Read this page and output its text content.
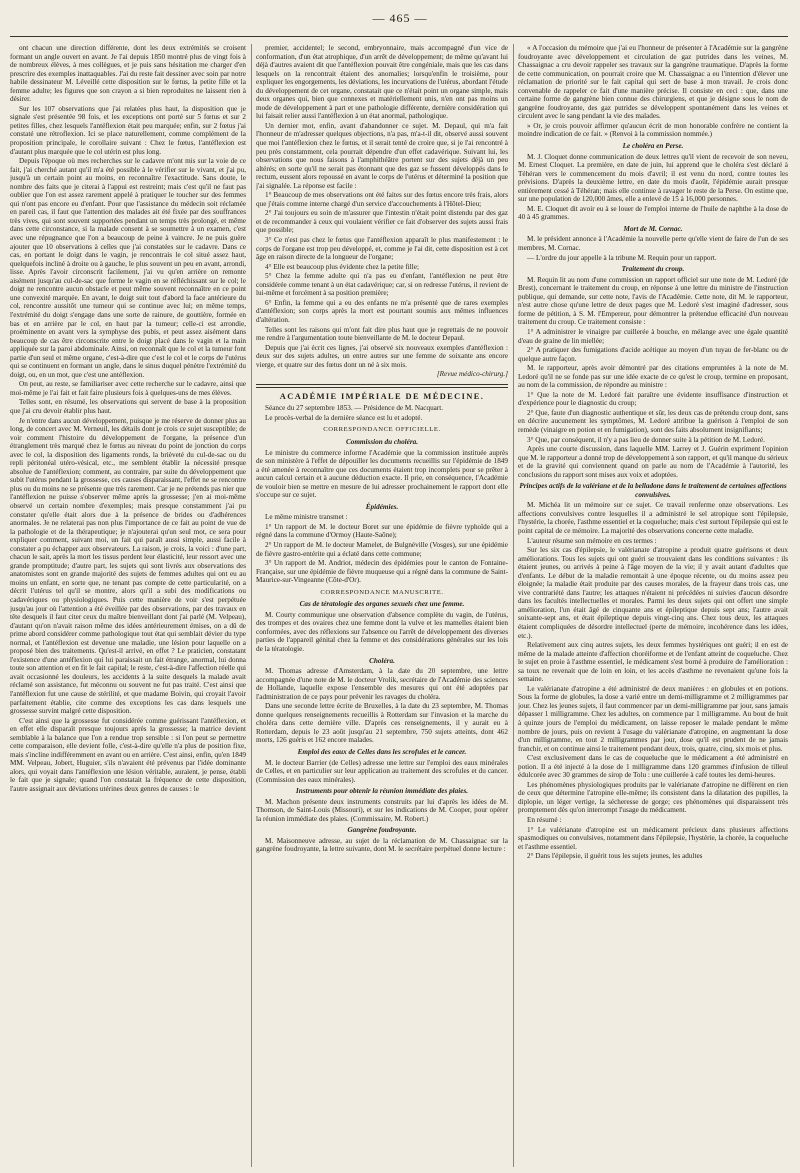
— 465 —

ont chacun une direction différente, dont les deux extrémités se croisent formant un angle ouvert en avant. Je l'ai depuis 1850 montré plus de vingt fois à de nombreux élèves, à mes collègues, et je puis sans hésitation me charger d'en prescrire des exemples inattaquables. J'ai du reste fait dessiner avec soin par notre habile dessinateur M. Léveillé cette disposition sur le fœtus, la petite fille et la femme adulte; les figures que son crayon a si bien reproduites ne laissent rien à désirer.

Sur les 107 observations que j'ai relatées plus haut, la disposition que je signale s'est présentée 98 fois, et les exceptions ont porté sur 5 fœtus et sur 2 petites filles, chez lesquels l'antéflexion était peu marquée; enfin, sur 2 fœtus j'ai constaté une rétroflexion. Ici se place naturellement, comme complément de la proposition principale, le corollaire suivant : Chez le fœtus, l'antéflexion est d'autant plus marquée que le col utérin est plus long.

Depuis l'époque où mes recherches sur le cadavre m'ont mis sur la voie de ce fait, j'ai cherché autant qu'il m'a été possible à le vérifier sur le vivant, et j'ai pu, jusqu'à un certain point au moins, en reconnaître l'exactitude. Sans doute, le nombre des faits que je citerai à l'appui est restreint; mais c'est qu'il ne faut pas oublier que l'on est assez rarement appelé à pratiquer le toucher sur des femmes qui n'ont pas encore eu d'enfant. Pour que l'assistance du médecin soit réclamée en pareil cas, il faut que l'attention des malades ait été fixée par des souffrances très vives, qui sont souvent supportées pendant un temps très prolongé, et même dans cette circonstance, si la malade consent à se soumettre à un examen, c'est avec une répugnance que l'on a beaucoup de peine à vaincre. Je ne puis guère ajouter que 10 observations à celles que j'ai constatées sur le cadavre. Dans ce cas, en portant le doigt dans le vagin, je rencontrais le col situé assez haut, quelquefois incliné à droite ou à gauche, le plus souvent un peu en avant, arrondi, lisse. Après l'avoir circonscrit facilement, j'ai vu qu'en arrière on remonte aisément jusqu'au cul-de-sac que forme le vagin en se réfléchissant sur le col; le doigt ne rencontre aucun obstacle et peut même souvent reconnaître en ce point une convexité marquée. En avant, le doigt suit tout d'abord la face antérieure du col, rencontre aussitôt une tumeur qui se continue avec lui; en même temps, l'extrémité du doigt s'engage dans une sorte de rainure, de gouttière, formée en bas et en arrière par le col, en haut par la tumeur; celle-ci est arrondie, proéminente en avant vers la symphyse des pubis, et peut assez aisément dans beaucoup de cas être circonscrite entre le doigt placé dans le vagin et la main appliquée sur la paroi abdominale. Ainsi, on reconnaît que le col et la tumeur font partie d'un seul et même organe, c'est-à-dire que c'est le col et le corps de l'utérus qui se continuent en formant un angle, dans le sinus duquel pénètre l'extrémité du doigt, ou, en un mot, que c'est une antéflexion.

On peut, au reste, se familiariser avec cette recherche sur le cadavre, ainsi que moi-même je l'ai fait et fait faire plusieurs fois à quelques-uns de mes élèves.

Telles sont, en résumé, les observations qui servent de base à la proposition que j'ai cru devoir établir plus haut.

Je n'entre dans aucun développement, puisque je me réserve de donner plus au long, de concert avec M. Verneuil, les détails dont je crois ce sujet susceptible; de voir comment l'histoire du développement de l'organe, la présence d'un étranglement très marqué chez le fœtus au niveau du point de jonction du corps avec le col, la disposition des ligaments ronds, la brièveté du cul-de-sac ou du repli péritonéal utéro-vésical, etc., me semblent établir la nécessité presque absolue de l'antéflexion; comment, au contraire, par suite du développement que subit l'utérus pendant la grossesse, ces causes disparaissant, l'effet ne se rencontre plus ou du moins ne se présente que très rarement. Car je ne prétends pas nier que l'antéflexion ne puisse s'observer même après la grossesse; j'en ai moi-même observé un certain nombre d'exemples; mais presque constamment j'ai pu constater qu'elle était alors due à la présence de brides ou d'adhérences anormales. Je ne relaterai pas non plus l'importance de ce fait au point de vue de la pathologie et de la thérapeutique; je n'ajouterai qu'un seul mot, ce sera pour expliquer comment, suivant moi, un fait qui paraît aussi simple, aussi facile à constater a pu échapper aux observateurs. La raison, je crois, la voici : d'une part, chacun le sait, après la mort les tissus perdent leur élasticité, leur ressort avec une grande promptitude; d'autre part, les sujets qui sont livrés aux observations des anatomistes sont en grande majorité des sujets de femmes adultes qui ont eu au moins un enfant, en sorte que, ne tenant pas compte de cette particularité, on a décrit l'utérus tel qu'il se montre, alors qu'il a subi des modifications ou cadavériques ou physiologiques. Puis cette manière de voir s'est perpétuée jusqu'au jour où l'attention a été éveillée par des observations, par des travaux en tête desquels il faut citer ceux du maître bienveillant dont j'ai parlé (M. Velpeau), d'autant qu'on n'avait raison même des idées antérieurement émises, on a dû de prime abord considérer comme pathologique tout état qui semblait dévier du type normal, et l'antéflexion est devenue une maladie, une lésion pour laquelle on a proposé bien des traitements. Qu'est-il arrivé, en effet ? Le praticien, constatant l'existence d'une antéflexion qui lui paraissait un fait étrange, anormal, lui donna toute son attention et en fit le fait capital; le reste, c'est-à-dire l'affection réelle qui avait occasionné les douleurs, les accidents à la suite desquels la malade avait réclamé son assistance, fut méconnu ou souvent ne fut pas traité. C'est ainsi que l'antéflexion fut une cause de stérilité, et que madame Boivin, qui croyait l'avoir parfaitement établie, cite comme des exceptions les cas dans lesquels une grossesse survint malgré cette disposition.

C'est ainsi que la grossesse fut considérée comme guérissant l'antéflexion, et en effet elle disparaît presque toujours après la grossesse; la matrice devient semblable à la balance que l'on a rendue trop sensible : si l'on peut se permettre cette comparaison, elle devient folle, c'est-à-dire qu'elle n'a plus de position fixe, mais s'incline indifféremment en avant ou en arrière. C'est ainsi, enfin, qu'en 1849 MM. Velpeau, Jobert, Huguier, s'ils n'avaient été prévenus par l'idée dominante alors, qui voyait dans l'antéflexion une lésion véritable, auraient, je pense, établi le fait que je signale; quand l'on constatait la fréquence de cette disposition, l'autre assignait aux déviations utérines deux genres de causes : le

premier, accidentel; le second, embryonnaire, mais accompagné d'un vice de conformation, d'un état atrophique, d'un arrêt de développement; de même qu'avant lui déjà d'autres avaient dit que l'antéflexion pouvait être congéniale, mais que les cas dans lesquels on la rencontrait étaient des anomalies; lorsqu'enfin le troisième, pour expliquer les engorgements, les déviations, les incurvations de l'utérus, abordant l'étude du développement de cet organe, constatait que ce n'était point un organe simple, mais deux organes qui, bien que connexes et matériellement unis, n'en ont pas moins un mode de développement à part et une pathologie différente, dernière considération qui lui faisait relier aussi l'antéflexion à un état anormal, pathologique.

Un dernier mot, enfin, avant d'abandonner ce sujet. M. Depaul, qui m'a fait l'honneur de m'adresser quelques objections, n'a pas, m'a-t-il dit, observé aussi souvent que moi l'antéflexion chez le fœtus, et il serait tenté de croire que, si je l'ai rencontré à peu près constamment, cela pourrait dépendre d'un effet cadavérique. Suivant lui, les observations que nous faisons à l'amphithéâtre portent sur des sujets déjà un peu altérés; en sorte qu'il ne serait pas étonnant que des gaz se fussent développés dans le rectum, eussent alors repoussé en avant le corps de l'utérus et déterminé la position que j'ai signalée. La réponse est facile :

1° Beaucoup de mes observations ont été faites sur des fœtus encore très frais, alors que j'étais comme interne chargé d'un service d'accouchements à l'Hôtel-Dieu;

2° J'ai toujours eu soin de m'assurer que l'intestin n'était point distendu par des gaz et de recommander à ceux qui voulaient vérifier ce fait d'observer des sujets aussi frais que possible;

3° Ce n'est pas chez le fœtus que l'antéflexion apparaît le plus manifestement : le corps de l'organe est trop peu développé, et, comme je l'ai dit, cette disposition est à cet âge en raison directe de la longueur de l'organe;

4° Elle est beaucoup plus évidente chez la petite fille;

5° Chez la femme adulte qui n'a pas eu d'enfant, l'antéflexion ne peut être considérée comme tenant à un état cadavérique; car, si on redresse l'utérus, il revient de lui-même et forcément à sa position première;

6° Enfin, la femme qui a eu des enfants ne m'a présenté que de rares exemples d'antéflexion; son corps après la mort est pourtant soumis aux mêmes influences d'altération.

Telles sont les raisons qui m'ont fait dire plus haut que je regrettais de ne pouvoir me rendre à l'argumentation toute bienveillante de M. le docteur Depaul.

Depuis que j'ai écrit ces lignes, j'ai observé six nouveaux exemples d'antéflexion : deux sur des sujets adultes, un entre autres sur une femme de soixante ans encore vierge, et quatre sur des fœtus dont un né à six mois.

[Revue médico-chirurg.]

ACADÉMIE IMPÉRIALE DE MÉDECINE.

Séance du 27 septembre 1853. — Présidence de M. Nacquart.

Le procès-verbal de la dernière séance est lu et adopté.

CORRESPONDANCE OFFICIELLE.
Commission du choléra.

Le ministre du commerce informe l'Académie que la commission instituée auprès de son ministère à l'effet de dépouiller les documents recueillis sur l'épidémie de 1849 a été amenée à reconnaître que ces documents étaient trop incomplets pour se prêter à aucun calcul certain et à aucune déduction exacte. Il prie, en conséquence, l'Académie de vouloir bien se mettre en mesure de lui adresser prochainement le rapport dont elle s'occupe sur ce sujet.

Épidémies.

Le même ministre transmet :

1° Un rapport de M. le docteur Boret sur une épidémie de fièvre typhoïde qui a régné dans la commune d'Ormoy (Haute-Saône);

2° Un rapport de M. le docteur Mamelet, de Bulgnéville (Vosges), sur une épidémie de fièvre gastro-entérite qui a éclaté dans cette commune;

3° Un rapport de M. Andriot, médecin des épidémies pour le canton de Fontaine-Française, sur une épidémie de fièvre muqueuse qui a régné dans la commune de Saint-Maurice-sur-Vingeanne (Côte-d'Or).

CORRESPONDANCE MANUSCRITE.
Cas de tératologie des organes sexuels chez une femme.

M. Courty communique une observation d'absence complète du vagin, de l'utérus, des trompes et des ovaires chez une femme dont la vulve et les mamelles étaient bien conformées, avec des réflexions sur l'absence ou l'arrêt de développement des diverses parties de l'appareil génital chez la femme et des considérations générales sur les lois de la tératologie.

Choléra.

M. Thomas adresse d'Amsterdam, à la date du 20 septembre, une lettre accompagnée d'une note de M. le docteur Vrolik, secrétaire de l'Académie des sciences de Hollande, laquelle expose l'ensemble des mesures qui ont été adoptées par l'administration de ce pays pour prévenir les ravages du choléra.

Dans une seconde lettre écrite de Bruxelles, à la date du 23 septembre, M. Thomas donne quelques renseignements recueillis à Rotterdam sur l'invasion et la marche du choléra dans cette dernière ville. D'après ces renseignements, il y aurait eu à Rotterdam, depuis le 23 août jusqu'au 21 septembre, 750 sujets atteints, dont 462 morts, 126 guéris et 162 encore malades.

Emploi des eaux de Celles dans les scrofules et le cancer.

M. le docteur Barrier (de Celles) adresse une lettre sur l'emploi des eaux minérales de Celles, et en particulier sur leur application au traitement des scrofules et du cancer. (Commission des eaux minérales).

Instruments pour obtenir la réunion immédiate des plaies.

M. Machon présente deux instruments construits par lui d'après les idées de M. Thomson, de Saint-Louis (Missouri), et sur les indications de M. Cooper, pour opérer la réunion immédiate des plaies. (Commissaire, M. Robert.)

Gangrène foudroyante.

M. Maisonneuve adresse, au sujet de la réclamation de M. Chassaignac sur la gangrène foudroyante, la lettre suivante, dont M. le secrétaire perpétuel donne lecture :

« A l'occasion du mémoire que j'ai eu l'honneur de présenter à l'Académie sur la gangrène foudroyante avec développement et circulation de gaz putrides dans les veines, M. Chassaignac a cru devoir rappeler ses travaux sur la gangrène traumatique. D'après la forme de cette communication, on pourrait croire que M. Chassaignac a eu l'intention d'élever une réclamation de priorité sur le fait capital qui sert de base à mon travail. Je crois donc convenable de rappeler ce fait d'une manière précise. Il consiste en ceci : que, dans une certaine forme de gangrène bien connue des chirurgiens, et que je désigne sous le nom de gangrène foudroyante, des gaz putrides se développent spontanément dans les veines et circulent avec le sang pendant la vie des malades.

» Or, je crois pouvoir affirmer qu'aucun écrit de mon honorable confrère ne contient la moindre indication de ce fait. » (Renvoi à la commission nommée.)

Le choléra en Perse.

M. J. Cloquet donne communication de deux lettres qu'il vient de recevoir de son neveu, M. Ernest Cloquet. La première, en date de juin, lui apprend que le choléra s'est déclaré à Téhéran vers le commencement du mois d'avril; il est venu du nord, contre toutes les prévisions. D'après la deuxième lettre, en date du mois d'août, l'épidémie aurait presque entièrement cessé à Téhéran; mais elle continue à ravager le reste de la Perse. On estime que, sur une population de 120,000 âmes, elle a enlevé de 15 à 16,000 personnes.

M. E. Cloquet dit avoir eu à se louer de l'emploi interne de l'huile de naphthe à la dose de 40 à 45 grammes.

Mort de M. Cornac.

M. le président annonce à l'Académie la nouvelle perte qu'elle vient de faire de l'un de ses membres, M. Cornac.

— L'ordre du jour appelle à la tribune M. Requin pour un rapport.

Traitement du croup.

M. Requin lit au nom d'une commission un rapport officiel sur une note de M. Ledoré (de Brest), concernant le traitement du croup, en réponse à une lettre du ministre de l'instruction publique, qui demande, sur cette note, l'avis de l'Académie. Cette note, dit M. le rapporteur, n'est autre chose qu'une lettre de deux pages que M. Ledoré s'est imaginé d'adresser, sous forme de pétition, à S. M. l'Empereur, pour démontrer la prétendue efficacité d'un nouveau traitement du croup. Ce traitement consiste :

1° A administrer le vinaigre par cuillerée à bouche, en mélange avec une égale quantité d'eau de graine de lin miellée;

2° A pratiquer des fumigations d'acide acétique au moyen d'un tuyau de fer-blanc ou de quelque autre façon.

M. le rapporteur, après avoir démontré par des citations empruntées à la note de M. Ledoré qu'il ne se fonde pas sur une idée exacte de ce qu'est le croup, termine en proposant, au nom de la commission, de répondre au ministre :

1° Que la note de M. Ledoré fait paraître une évidente insuffisance d'instruction et d'expérience pour le diagnostic du croup;

2° Que, faute d'un diagnostic authentique et sûr, les deux cas de prétendu croup dont, sans en décrire aucunement les symptômes, M. Ledoré attribue la guérison à l'emploi de son remède (vinaigre en potion et en fumigation), sont des faits absolument insignifiants;

3° Que, par conséquent, il n'y a pas lieu de donner suite à la pétition de M. Ledoré.

Après une courte discussion, dans laquelle MM. Larrey et J. Guérin expriment l'opinion que M. le rapporteur a donné trop de développement à son rapport, et qu'il manque du sérieux et de la gravité qui conviennent quand on parle au nom de l'Académie à l'autorité, les conclusions du rapport sont mises aux voix et adoptées.

Principes actifs de la valériane et de la belladone dans le traitement de certaines affections convulsives.

M. Michéa lit un mémoire sur ce sujet. Ce travail renferme onze observations. Les affections convulsives contre lesquelles il a administré le sel atropique sont l'épilepsie, l'hystérie, la chorée, l'asthme essentiel et la coqueluche; mais c'est surtout l'épilepsie qui est le point capital de ce mémoire. La majorité des observations concerne cette maladie.

L'auteur résume son mémoire en ces termes :

Sur les six cas d'épilepsie, le valérianate d'atropine a produit quatre guérisons et deux améliorations. Tous les sujets qui ont guéri se trouvaient dans les conditions suivantes : ils étaient jeunes, ou arrivés à peine à l'âge moyen de la vie; il y avait autant d'adultes que d'enfants. Le début de la maladie remontait à une époque récente, ou du moins assez peu éloignée; la maladie était produite par des causes morales, de la frayeur dans trois cas, une vive contrariété dans l'autre; les attaques n'étaient ni précédées ni suivies d'aucun désordre dans les facultés intellectuelles et morales. Parmi les deux sujets qui ont offert une simple amélioration, l'un était âgé de cinquante ans et épileptique depuis sept ans; l'autre avait soixante-sept ans, et était épileptique depuis vingt-cinq ans. Chez tous deux, les attaques étaient compliquées de désordre intellectuel (perte de mémoire, incohérence dans les idées, etc.).

Relativement aux cinq autres sujets, les deux femmes hystériques ont guéri; il en est de même de la malade atteinte d'affection choréiforme et de l'enfant atteint de coqueluche. Chez le sujet en proie à l'asthme essentiel, le médicament s'est borné à produire de l'amélioration : sa toux ne revenait que de loin en loin, et les accès d'asthme ne revenaient qu'une fois la semaine.

Le valérianate d'atropine a été administré de deux manières : en globules et en potions. Sous la forme de globules, la dose a varié entre un demi-milligramme et 2 milligrammes par jour. Chez les jeunes sujets, il faut commencer par un demi-milligramme par jour, sans jamais dépasser 1 milligramme. Chez les adultes, on commence par 1 milligramme. Au bout de huit à quinze jours de l'emploi du médicament, on laisse reposer le malade pendant le même nombre de jours, puis on revient à l'usage du valérianate d'atropine, en augmentant la dose d'un milligramme, en tout 2 milligrammes par jour, dose qu'il est prudent de ne jamais franchir, et on continue ainsi le traitement pendant deux, trois, quatre, cinq, six mois et plus.

C'est exclusivement dans le cas de coqueluche que le médicament a été administré en potion. Il a été injecté à la dose de 1 milligramme dans 120 grammes d'infusion de tilleul édulcorée avec 30 grammes de sirop de Tolu : une cuillerée à café toutes les demi-heures.

Les phénomènes physiologiques produits par le valérianate d'atropine ne diffèrent en rien de ceux que détermine l'atropine elle-même; ils consistent dans la dilatation des pupilles, la diplopie, un léger vertige, la sécheresse de gorge; ces phénomènes qui disparaissent très promptement dès qu'on interrompt l'usage du médicament.

En résumé :

1° Le valérianate d'atropine est un médicament précieux dans plusieurs affections spasmodiques ou convulsives, notamment dans l'épilepsie, l'hystérie, la chorée, la coqueluche et l'asthme essentiel.

2° Dans l'épilepsie, il guérit tous les sujets jeunes, les adultes
